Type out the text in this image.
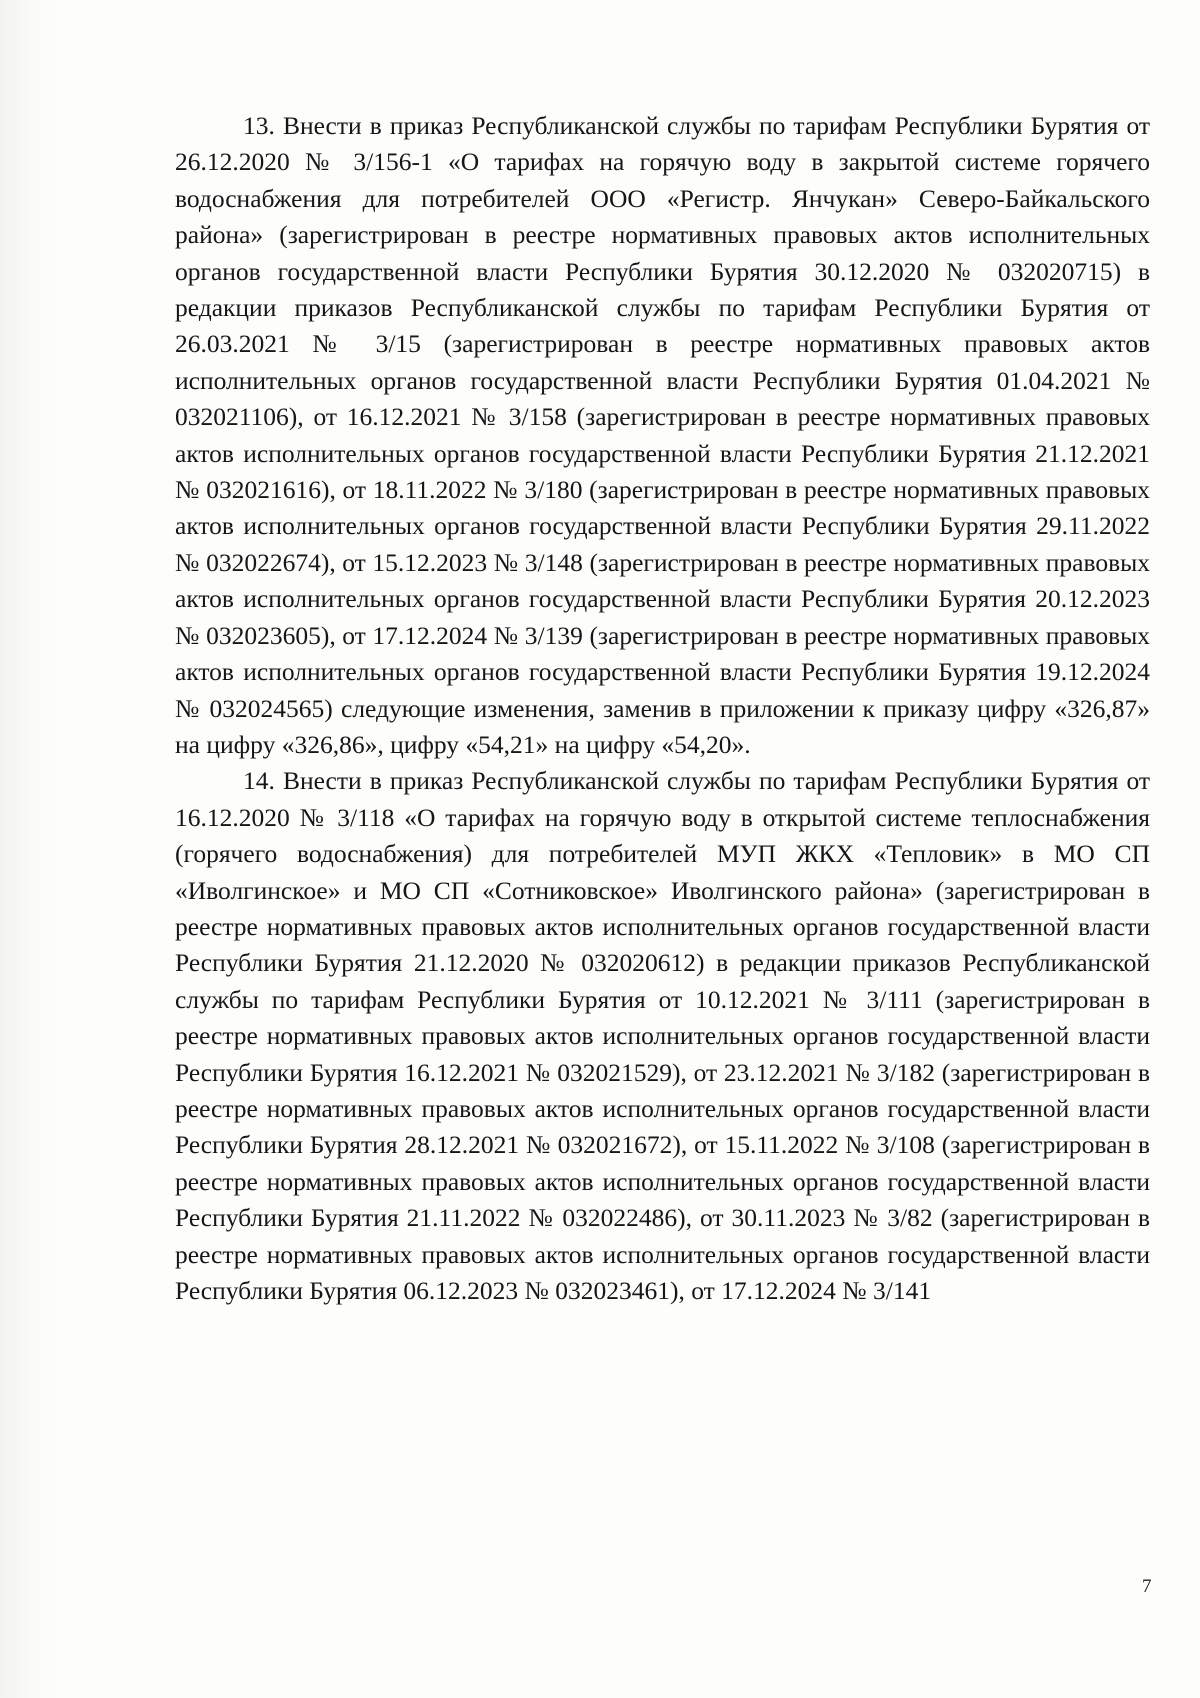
13. Внести в приказ Республиканской службы по тарифам Республики Бурятия от 26.12.2020 № 3/156-1 «О тарифах на горячую воду в закрытой системе горячего водоснабжения для потребителей ООО «Регистр. Янчукан» Северо-Байкальского района» (зарегистрирован в реестре нормативных правовых актов исполнительных органов государственной власти Республики Бурятия 30.12.2020 № 032020715) в редакции приказов Республиканской службы по тарифам Республики Бурятия от 26.03.2021 № 3/15 (зарегистрирован в реестре нормативных правовых актов исполнительных органов государственной власти Республики Бурятия 01.04.2021 № 032021106), от 16.12.2021 № 3/158 (зарегистрирован в реестре нормативных правовых актов исполнительных органов государственной власти Республики Бурятия 21.12.2021 № 032021616), от 18.11.2022 № 3/180 (зарегистрирован в реестре нормативных правовых актов исполнительных органов государственной власти Республики Бурятия 29.11.2022 № 032022674), от 15.12.2023 № 3/148 (зарегистрирован в реестре нормативных правовых актов исполнительных органов государственной власти Республики Бурятия 20.12.2023 № 032023605), от 17.12.2024 № 3/139 (зарегистрирован в реестре нормативных правовых актов исполнительных органов государственной власти Республики Бурятия 19.12.2024 № 032024565) следующие изменения, заменив в приложении к приказу цифру «326,87» на цифру «326,86», цифру «54,21» на цифру «54,20».

14. Внести в приказ Республиканской службы по тарифам Республики Бурятия от 16.12.2020 № 3/118 «О тарифах на горячую воду в открытой системе теплоснабжения (горячего водоснабжения) для потребителей МУП ЖКХ «Тепловик» в МО СП «Иволгинское» и МО СП «Сотниковское» Иволгинского района» (зарегистрирован в реестре нормативных правовых актов исполнительных органов государственной власти Республики Бурятия 21.12.2020 № 032020612) в редакции приказов Республиканской службы по тарифам Республики Бурятия от 10.12.2021 № 3/111 (зарегистрирован в реестре нормативных правовых актов исполнительных органов государственной власти Республики Бурятия 16.12.2021 № 032021529), от 23.12.2021 № 3/182 (зарегистрирован в реестре нормативных правовых актов исполнительных органов государственной власти Республики Бурятия 28.12.2021 № 032021672), от 15.11.2022 № 3/108 (зарегистрирован в реестре нормативных правовых актов исполнительных органов государственной власти Республики Бурятия 21.11.2022 № 032022486), от 30.11.2023 № 3/82 (зарегистрирован в реестре нормативных правовых актов исполнительных органов государственной власти Республики Бурятия 06.12.2023 № 032023461), от 17.12.2024 № 3/141

7
